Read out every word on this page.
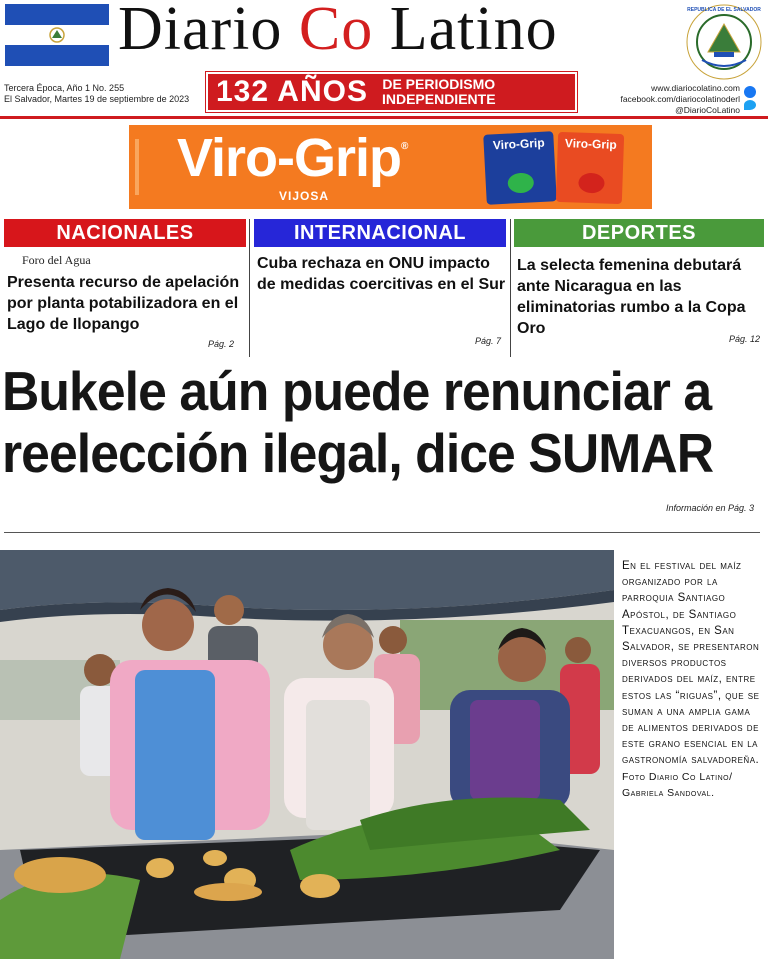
Diario Co Latino	REPUBLICA DE EL SALVADOR
Tercera Época, Año 1 No. 255
El Salvador, Martes 19 de septiembre de 2023 132 AÑOS	DE PERIODISMO
INDEPENDIENTE
www.diariocolatino.com
facebook.com/diariocolatinoderl
@DiarioCoLatino
Viro-Grip®
VIJOSA
Viro-Grip	Viro-Grip
NACIONALES
Foro del Agua
Presenta recurso de apelación por planta potabilizadora en el Lago de Ilopango
Pág. 2
INTERNACIONAL
Cuba rechaza en ONU impacto de medidas coercitivas en el Sur
Pág. 7
DEPORTES
La selecta femenina debutará ante Nicaragua en las eliminatorias rumbo a la Copa Oro
Pág. 12
Bukele aún puede renunciar a
reelección ilegal, dice SUMAR
Información en Pág. 3
En el festival del maíz organizado por la parroquia Santiago Apóstol, de Santiago Texacuangos, en San Salvador, se presentaron diversos productos derivados del maíz, entre estos las “riguas”, que se suman a una amplia gama de alimentos derivados de este grano esencial en la gastronomía salvadoreña. Foto Diario Co Latino/ Gabriela Sandoval.
